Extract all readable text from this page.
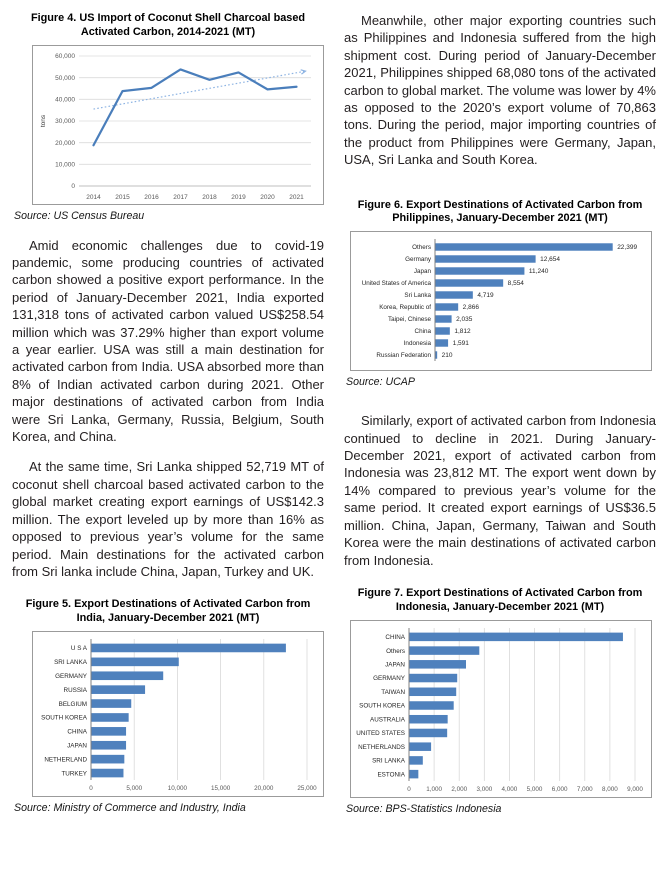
Figure 4. US Import of Coconut Shell Charcoal based
Activated Carbon, 2014-2021 (MT)
0
10,000
20,000
30,000
40,000
50,000
60,000
2014 2015 2016 2017 2018 2019 2020 2021
tons
Source: US Census Bureau

Amid economic challenges due to covid-19 pandemic, some producing countries of activated carbon showed a positive export performance. In the period of January-December 2021, India exported 131,318 tons of activated carbon valued US$258.54 million which was 37.29% higher than export volume a year earlier. USA was still a main destination for activated carbon from India. USA absorbed more than 8% of Indian activated carbon during 2021. Other major destinations of activated carbon from India were Sri Lanka, Germany, Russia, Belgium, South Korea, and China.

At the same time, Sri Lanka shipped 52,719 MT of coconut shell charcoal based activated carbon to the global market creating export earnings of US$142.3 million. The export leveled up by more than 16% as opposed to previous year’s volume for the same period. Main destinations for the activated carbon from Sri lanka include China, Japan, Turkey and UK.

Figure 5. Export Destinations of Activated Carbon from
India, January-December 2021 (MT)
0	5,000	10,000	15,000	20,000	25,000
U S A
SRI LANKA
GERMANY
RUSSIA
BELGIUM
SOUTH KOREA
CHINA
JAPAN
NETHERLAND
TURKEY
Source: Ministry of Commerce and Industry, India

Meanwhile, other major exporting countries such as Philippines and Indonesia suffered from the high shipment cost. During period of January-December 2021, Philippines shipped 68,080 tons of the activated carbon to global market. The volume was lower by 4% as opposed to the 2020’s export volume of 70,863 tons. During the period, major importing countries of the product from Philippines were Germany, Japan, USA, Sri Lanka and South Korea.

Figure 6. Export Destinations of Activated Carbon from
Philippines, January-December 2021 (MT)
Others	22,399
Germany	12,654
Japan	11,240
United States of America	8,554
Sri Lanka	4,719
Korea, Republic of	2,866
Taipei, Chinese	2,035
China	1,812
Indonesia	1,591
Russian Federation 210
Source: UCAP

Similarly, export of activated carbon from Indonesia continued to decline in 2021. During January-December 2021, export of activated carbon from Indonesia was 23,812 MT. The export went down by 14% compared to previous year’s volume for the same period. It created export earnings of US$36.5 million. China, Japan, Germany, Taiwan and South Korea were the main destinations of activated carbon from Indonesia.

Figure 7. Export Destinations of Activated Carbon from
Indonesia, January-December 2021 (MT)
0 1,000 2,000 3,000 4,000 5,000 6,000 7,000 8,000 9,000
CHINA
Others
JAPAN
GERMANY
TAIWAN
SOUTH KOREA
AUSTRALIA
UNITED STATES
NETHERLANDS
SRI LANKA
ESTONIA
Source: BPS-Statistics Indonesia
